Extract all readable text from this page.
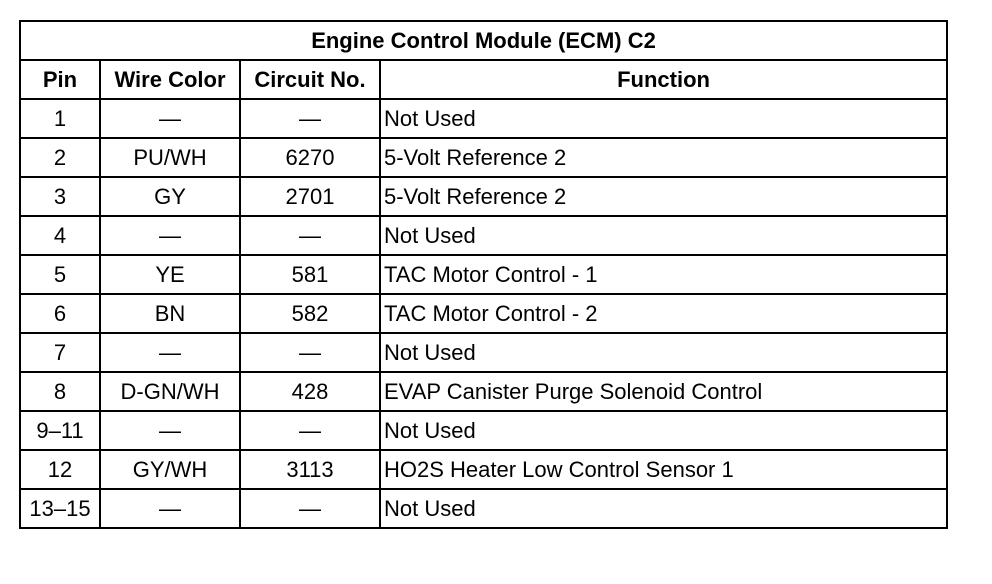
Engine Control Module (ECM) C2			
Pin	Wire Color	Circuit No.	Function
1	—	—	Not Used
2	PU/WH	6270	5-Volt Reference 2
3	GY	2701	5-Volt Reference 2
4	—	—	Not Used
5	YE	581	TAC Motor Control - 1
6	BN	582	TAC Motor Control - 2
7	—	—	Not Used
8	D-GN/WH	428	EVAP Canister Purge Solenoid Control
9–11	—	—	Not Used
12	GY/WH	3113	HO2S Heater Low Control Sensor 1
13–15	—	—	Not Used
